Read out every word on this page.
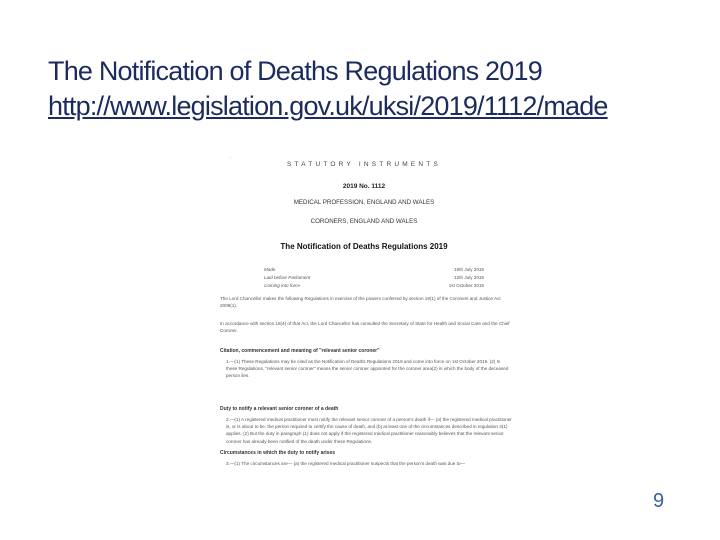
The Notification of Deaths Regulations 2019
http://www.legislation.gov.uk/uksi/2019/1112/made
.
STATUTORY INSTRUMENTS
2019 No. 1112
MEDICAL PROFESSION, ENGLAND AND WALES
CORONERS, ENGLAND AND WALES
The Notification of Deaths Regulations 2019
Made	10th July 2019
Laid before Parliament	12th July 2019
Coming into force	1st October 2019
The Lord Chancellor makes the following Regulations in exercise of the powers conferred by section 18(1) of the Coroners and Justice Act 2009(1).
In accordance with section 18(4) of that Act, the Lord Chancellor has consulted the Secretary of State for Health and Social Care and the Chief Coroner.
Citation, commencement and meaning of "relevant senior coroner"
1.—(1) These Regulations may be cited as the Notification of Deaths Regulations 2019 and come into force on 1st October 2019. (2) In these Regulations, "relevant senior coroner" means the senior coroner appointed for the coroner area(2) in which the body of the deceased person lies.
Duty to notify a relevant senior coroner of a death
2.—(1) A registered medical practitioner must notify the relevant senior coroner of a person's death if— (a) the registered medical practitioner is, or is about to be, the person required to certify the cause of death, and (b) at least one of the circumstances described in regulation 3(1) applies. (2) But the duty in paragraph (1) does not apply if the registered medical practitioner reasonably believes that the relevant senior coroner has already been notified of the death under these Regulations.
Circumstances in which the duty to notify arises
3.—(1) The circumstances are— (a) the registered medical practitioner suspects that the person's death was due to—
9
